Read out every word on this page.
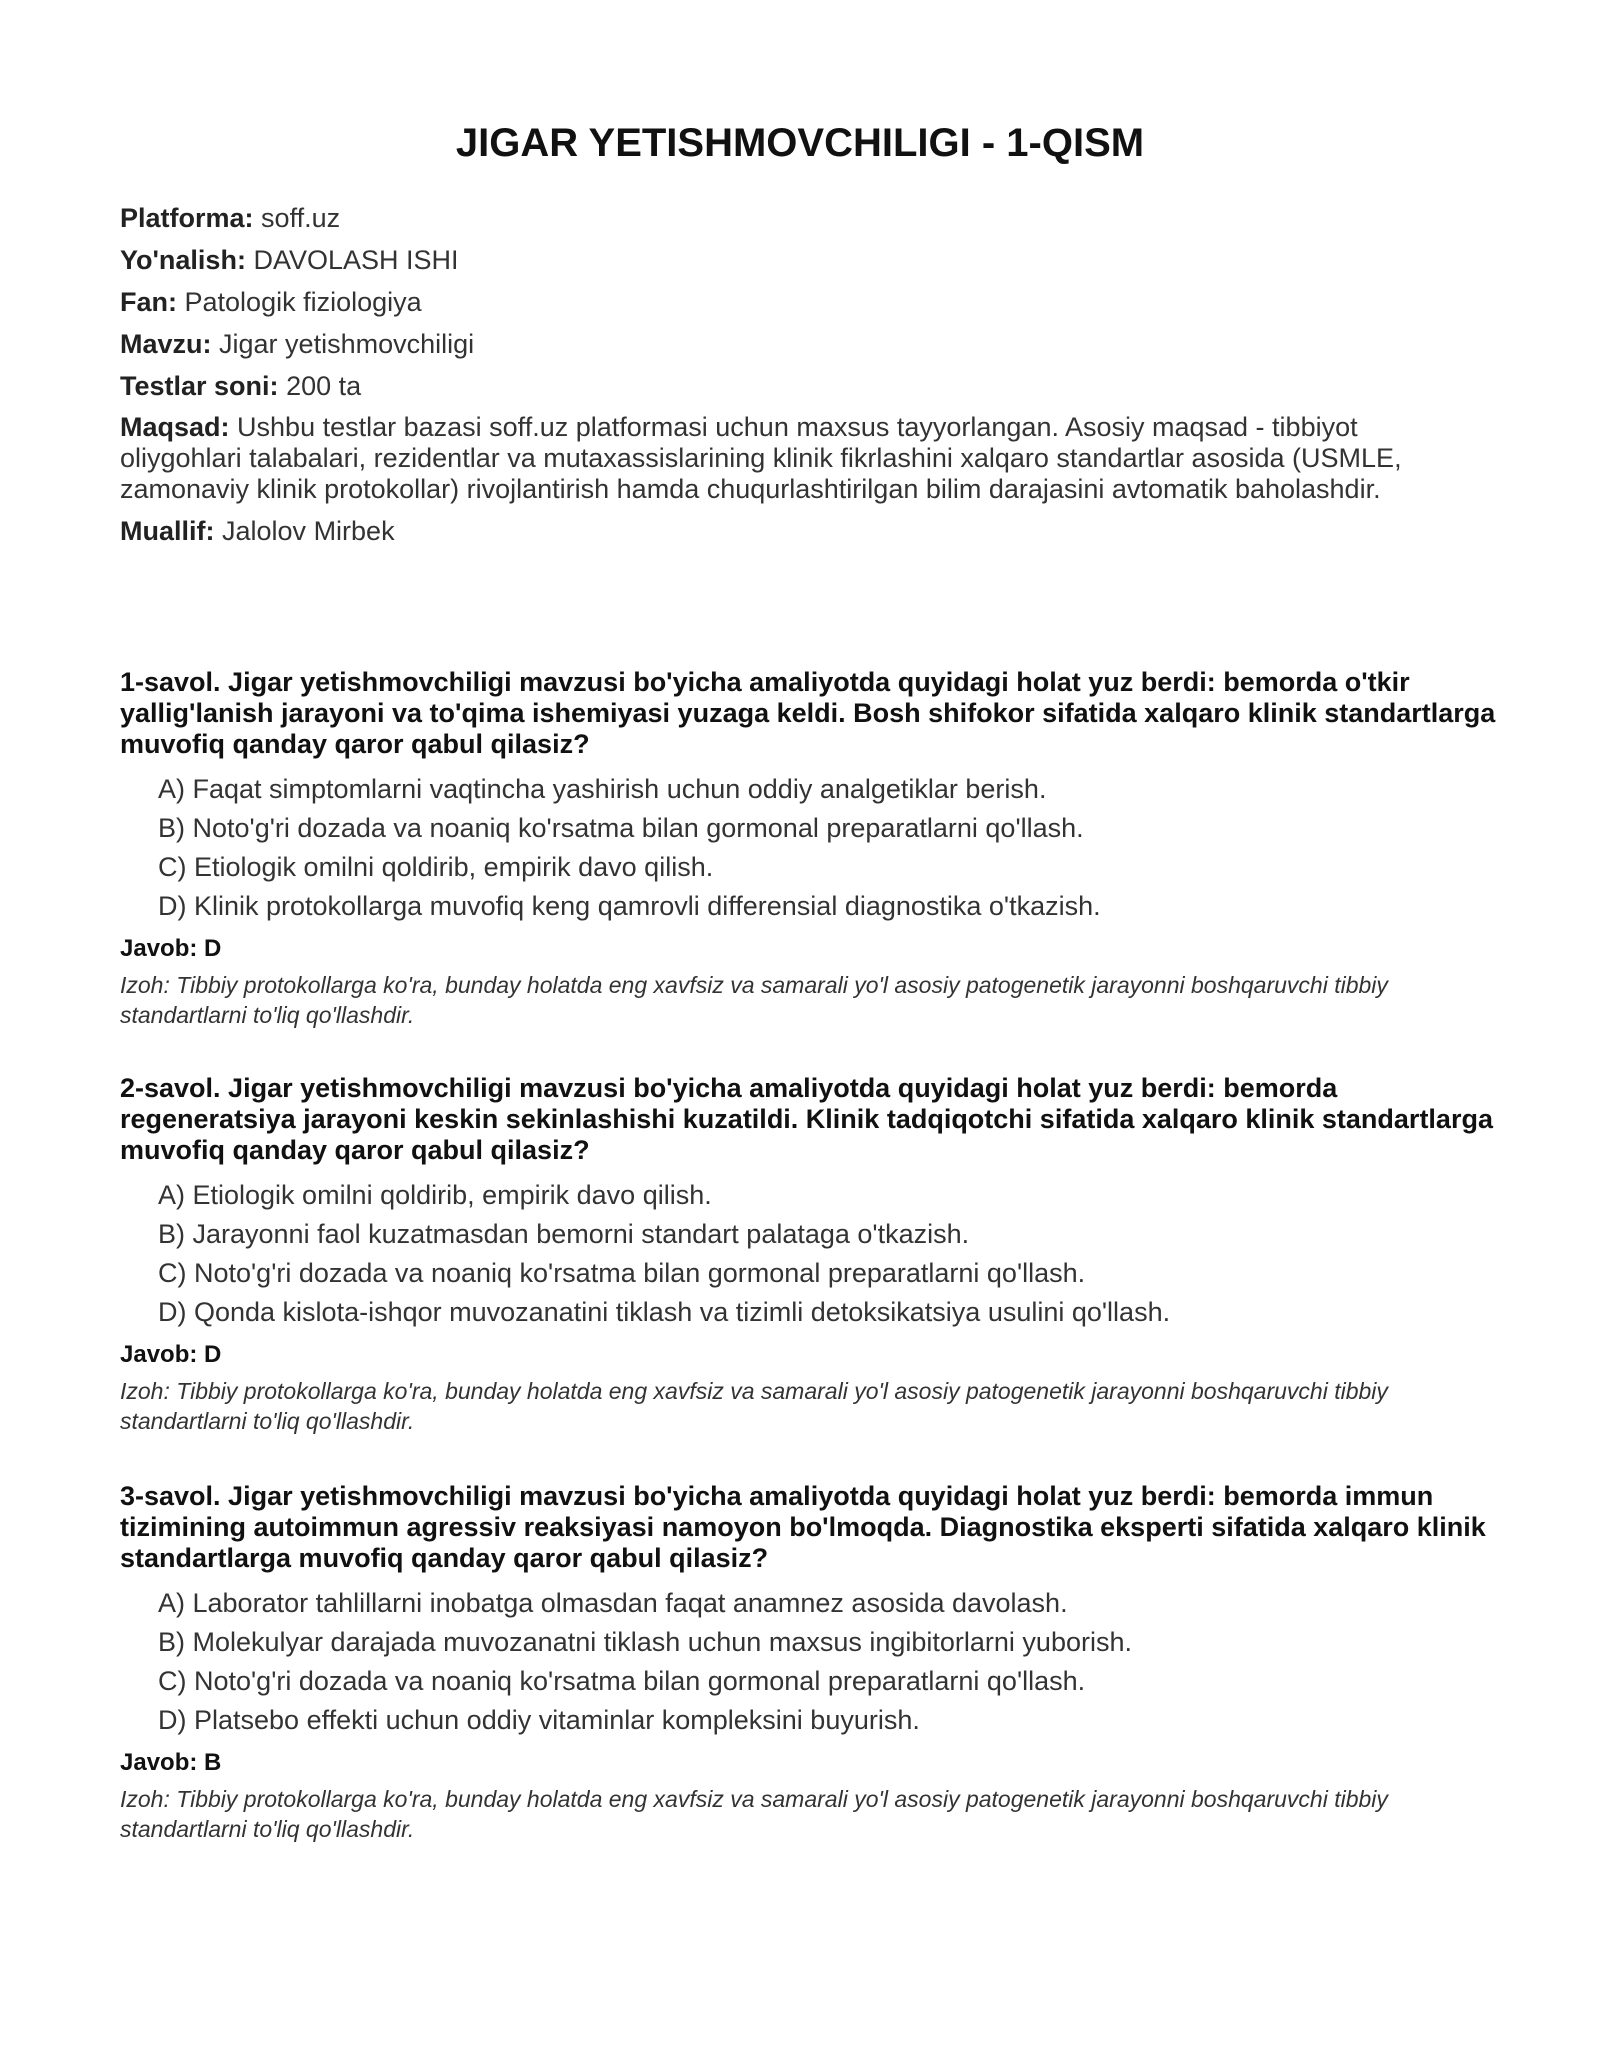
JIGAR YETISHMOVCHILIGI - 1-QISM
Platforma: soff.uz
Yo'nalish: DAVOLASH ISHI
Fan: Patologik fiziologiya
Mavzu: Jigar yetishmovchiligi
Testlar soni: 200 ta
Maqsad: Ushbu testlar bazasi soff.uz platformasi uchun maxsus tayyorlangan. Asosiy maqsad - tibbiyot oliygohlari talabalari, rezidentlar va mutaxassislarining klinik fikrlashini xalqaro standartlar asosida (USMLE, zamonaviy klinik protokollar) rivojlantirish hamda chuqurlashtirilgan bilim darajasini avtomatik baholashdir.
Muallif: Jalolov Mirbek

1-savol. Jigar yetishmovchiligi mavzusi bo'yicha amaliyotda quyidagi holat yuz berdi: bemorda o'tkir yallig'lanish jarayoni va to'qima ishemiyasi yuzaga keldi. Bosh shifokor sifatida xalqaro klinik standartlarga muvofiq qanday qaror qabul qilasiz?

A) Faqat simptomlarni vaqtincha yashirish uchun oddiy analgetiklar berish.
B) Noto'g'ri dozada va noaniq ko'rsatma bilan gormonal preparatlarni qo'llash.
C) Etiologik omilni qoldirib, empirik davo qilish.
D) Klinik protokollarga muvofiq keng qamrovli differensial diagnostika o'tkazish.
Javob: D
Izoh: Tibbiy protokollarga ko'ra, bunday holatda eng xavfsiz va samarali yo'l asosiy patogenetik jarayonni boshqaruvchi tibbiy standartlarni to'liq qo'llashdir.

2-savol. Jigar yetishmovchiligi mavzusi bo'yicha amaliyotda quyidagi holat yuz berdi: bemorda regeneratsiya jarayoni keskin sekinlashishi kuzatildi. Klinik tadqiqotchi sifatida xalqaro klinik standartlarga muvofiq qanday qaror qabul qilasiz?

A) Etiologik omilni qoldirib, empirik davo qilish.
B) Jarayonni faol kuzatmasdan bemorni standart palataga o'tkazish.
C) Noto'g'ri dozada va noaniq ko'rsatma bilan gormonal preparatlarni qo'llash.
D) Qonda kislota-ishqor muvozanatini tiklash va tizimli detoksikatsiya usulini qo'llash.
Javob: D
Izoh: Tibbiy protokollarga ko'ra, bunday holatda eng xavfsiz va samarali yo'l asosiy patogenetik jarayonni boshqaruvchi tibbiy standartlarni to'liq qo'llashdir.

3-savol. Jigar yetishmovchiligi mavzusi bo'yicha amaliyotda quyidagi holat yuz berdi: bemorda immun tizimining autoimmun agressiv reaksiyasi namoyon bo'lmoqda. Diagnostika eksperti sifatida xalqaro klinik standartlarga muvofiq qanday qaror qabul qilasiz?

A) Laborator tahlillarni inobatga olmasdan faqat anamnez asosida davolash.
B) Molekulyar darajada muvozanatni tiklash uchun maxsus ingibitorlarni yuborish.
C) Noto'g'ri dozada va noaniq ko'rsatma bilan gormonal preparatlarni qo'llash.
D) Platsebo effekti uchun oddiy vitaminlar kompleksini buyurish.
Javob: B
Izoh: Tibbiy protokollarga ko'ra, bunday holatda eng xavfsiz va samarali yo'l asosiy patogenetik jarayonni boshqaruvchi tibbiy standartlarni to'liq qo'llashdir.
